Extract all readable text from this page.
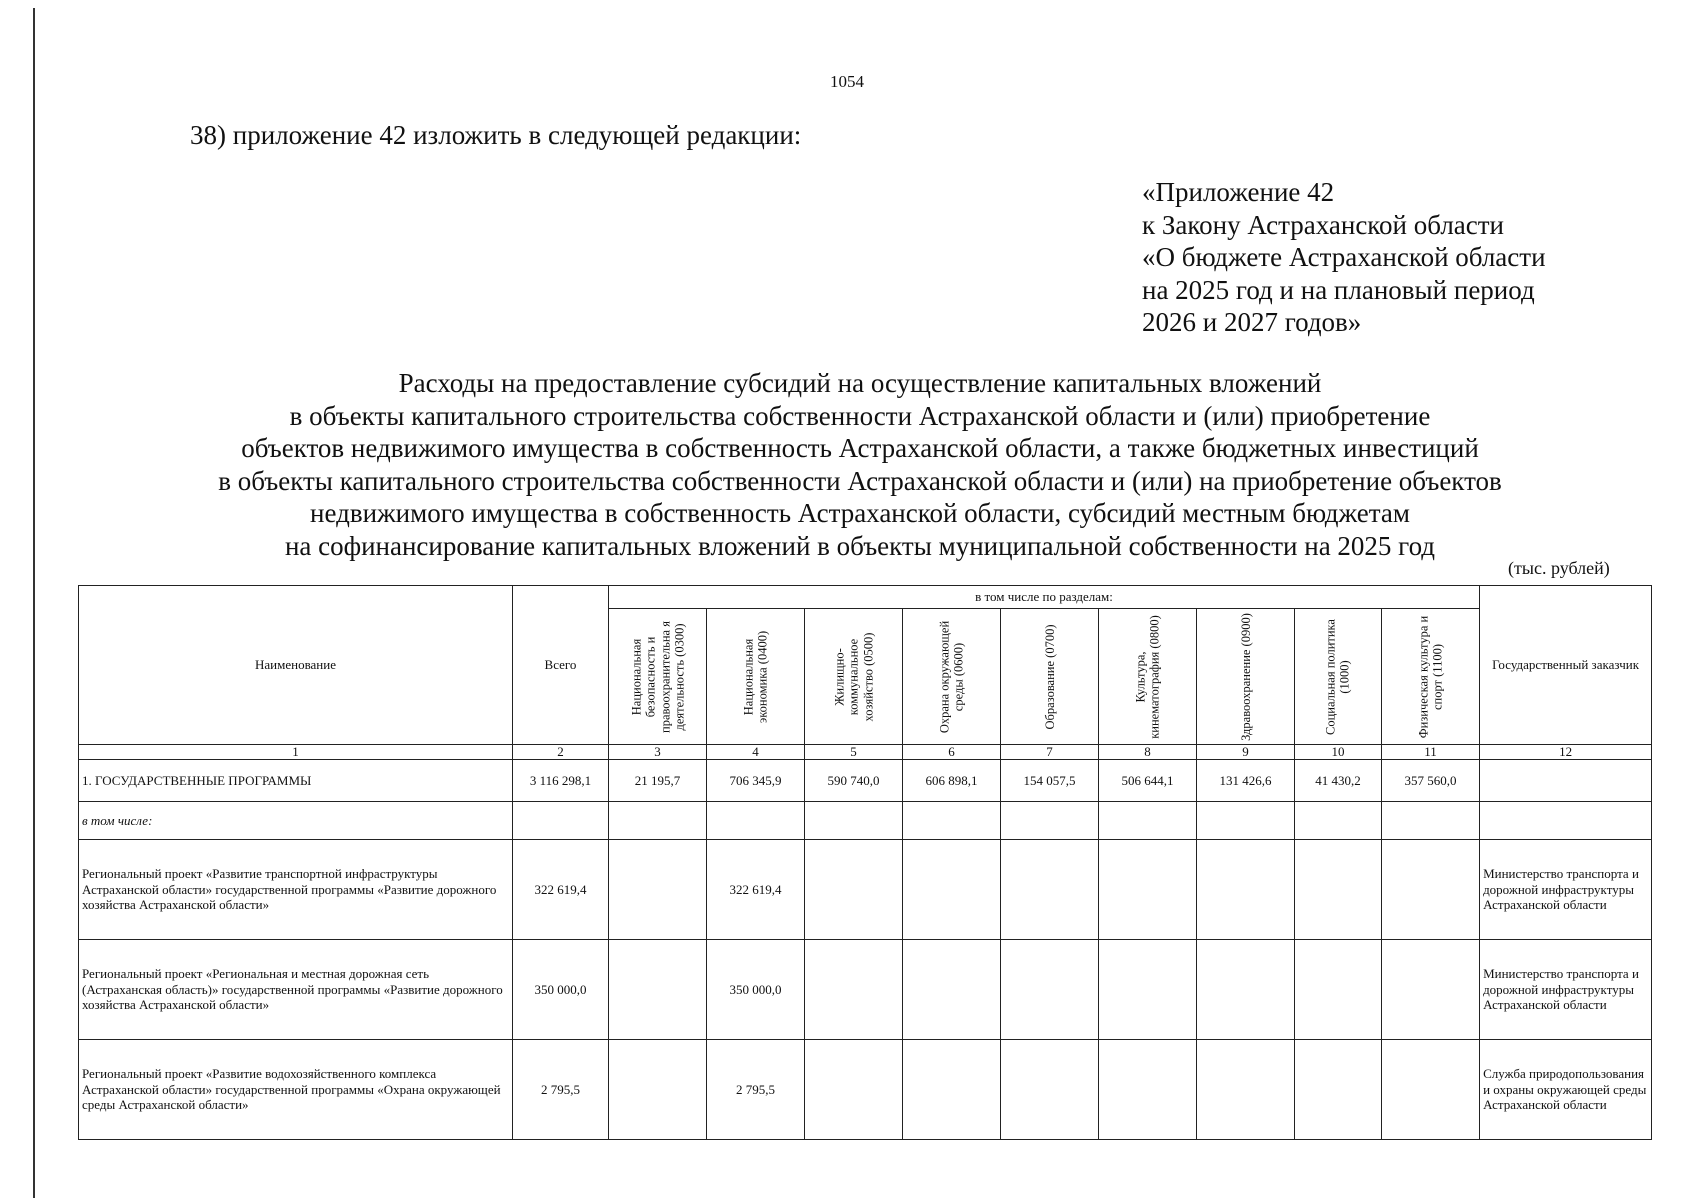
1054
38) приложение 42 изложить в следующей редакции:
«Приложение 42
к Закону Астраханской области
«О бюджете Астраханской области
на 2025 год и на плановый период
2026 и 2027 годов»
Расходы на предоставление субсидий на осуществление капитальных вложений
в объекты капитального строительства собственности Астраханской области и (или) приобретение
объектов недвижимого имущества в собственность Астраханской области, а также бюджетных инвестиций
в объекты капитального строительства собственности Астраханской области и (или) на приобретение объектов
недвижимого имущества в собственность Астраханской области, субсидий местным бюджетам
на софинансирование капитальных вложений в объекты муниципальной собственности на 2025 год
(тыс. рублей)
Наименование	Всего	в том числе по разделам:									Государственный заказчик

		Национальная безопасность и правоохранительна я деятельность (0300)	Национальная экономика (0400)	Жилищно-коммунальное хозяйство (0500)	Охрана окружающей среды (0600)	Образование (0700)	Культура, кинематография (0800)	Здравоохранение (0900)	Социальная политика (1000)	Физическая культура и спорт (1100)	

1	2	3	4	5	6	7	8	9	10	11	12
1. ГОСУДАРСТВЕННЫЕ ПРОГРАММЫ	3 116 298,1	21 195,7	706 345,9	590 740,0	606 898,1	154 057,5	506 644,1	131 426,6	41 430,2	357 560,0	
в том числе:											
Региональный проект «Развитие транспортной инфраструктуры Астраханской области» государственной программы «Развитие дорожного хозяйства Астраханской области»	322 619,4		322 619,4								Министерство транспорта и дорожной инфраструктуры Астраханской области
Региональный проект «Региональная и местная дорожная сеть (Астраханская область)» государственной программы «Развитие дорожного хозяйства Астраханской области»	350 000,0		350 000,0								Министерство транспорта и дорожной инфраструктуры Астраханской области
Региональный проект «Развитие водохозяйственного комплекса Астраханской области» государственной программы «Охрана окружающей среды Астраханской области»	2 795,5		2 795,5								Служба природопользования и охраны окружающей среды Астраханской области
